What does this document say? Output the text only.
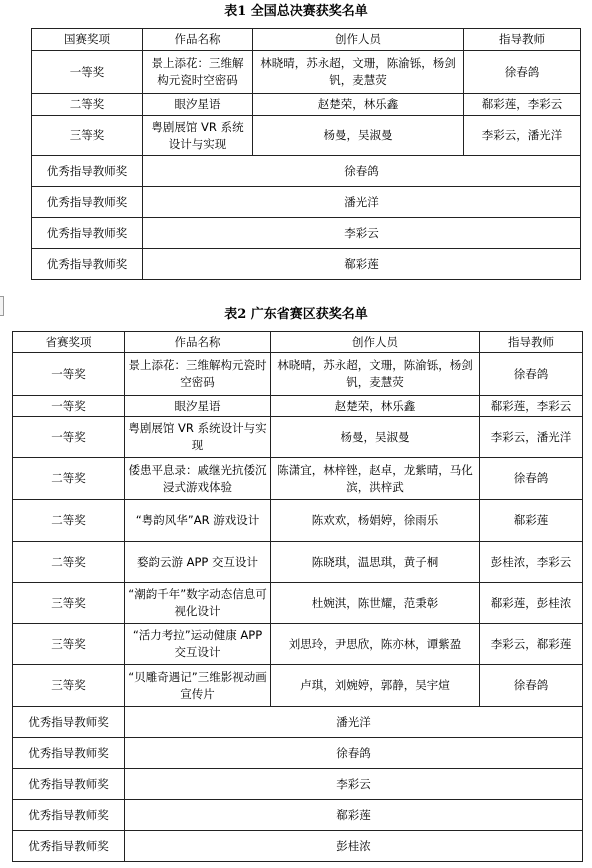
表1 全国总决赛获奖名单
国赛奖项	作品名称	创作人员	指导教师
一等奖	景上添花：三维解构元瓷时空密码	林晓晴，苏永超，文珊，陈渝铄，杨剑钒，麦慧荧	徐春鸽
二等奖	眼汐星语	赵楚荣，林乐鑫	郗彩莲，李彩云
三等奖	粤剧展馆 VR 系统设计与实现	杨曼，吴淑曼	李彩云，潘光洋
优秀指导教师奖	徐春鸽		
优秀指导教师奖	潘光洋		
优秀指导教师奖	李彩云		
优秀指导教师奖	郗彩莲		
表2 广东省赛区获奖名单
省赛奖项	作品名称	创作人员	指导教师
一等奖	景上添花：三维解构元瓷时空密码	林晓晴，苏永超，文珊，陈渝铄，杨剑钒，麦慧荧	徐春鸽
一等奖	眼汐星语	赵楚荣，林乐鑫	郗彩莲，李彩云
一等奖	粤剧展馆 VR 系统设计与实现	杨曼，吴淑曼	李彩云，潘光洋
二等奖	倭患平息录：戚继光抗倭沉浸式游戏体验	陈潇宜，林梓锉，赵卓，龙紫晴，马化滨，洪梓武	徐春鸽
二等奖	“粤韵风华”AR 游戏设计	陈欢欢，杨娟婷，徐雨乐	郗彩莲
二等奖	婺韵云游 APP 交互设计	陈晓琪，温思琪，黄子桐	彭桂浓，李彩云
三等奖	“潮韵千年”数字动态信息可视化设计	杜婉淇，陈世耀，范秉彰	郗彩莲，彭桂浓
三等奖	“活力考拉”运动健康 APP 交互设计	刘思玲，尹思欣，陈亦林，谭紫盈	李彩云，郗彩莲
三等奖	“贝雕奇遇记”三维影视动画宣传片	卢琪，刘婉婷，郭静，吴宇煊	徐春鸽
优秀指导教师奖	潘光洋		
优秀指导教师奖	徐春鸽		
优秀指导教师奖	李彩云		
优秀指导教师奖	郗彩莲		
优秀指导教师奖	彭桂浓		
